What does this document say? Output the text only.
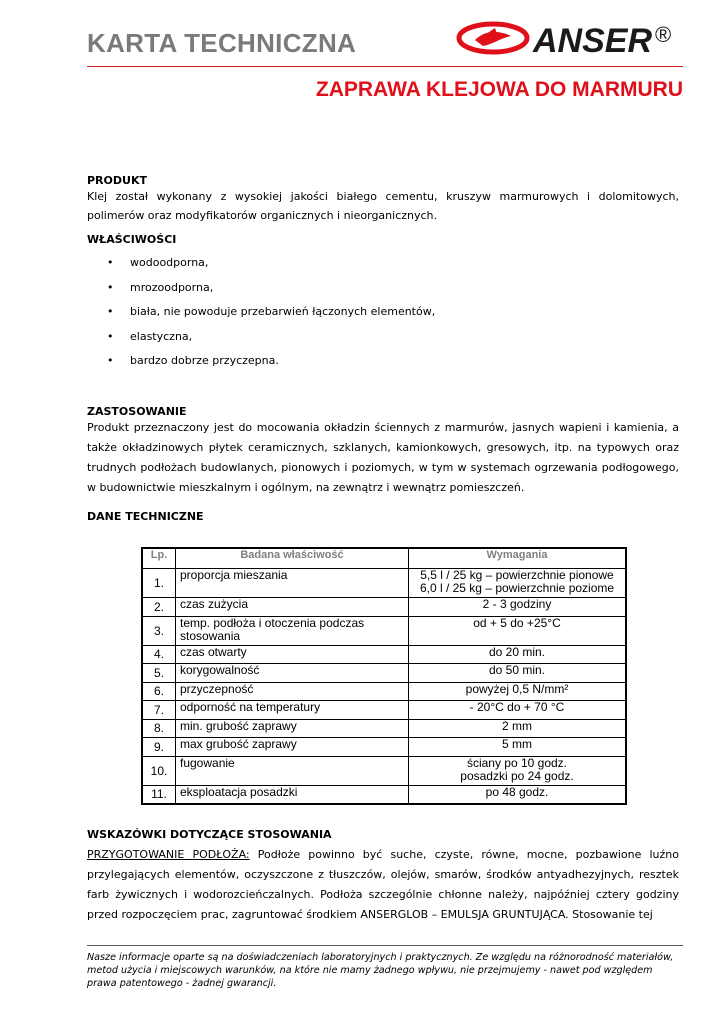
KARTA TECHNICZNA	ANSER ®
ZAPRAWA KLEJOWA DO MARMURU
PRODUKT
Klej został wykonany z wysokiej jakości białego cementu, kruszyw marmurowych i dolomitowych, polimerów oraz modyfikatorów organicznych i nieorganicznych.
WŁAŚCIWOŚCI
• wodoodporna,
• mrozoodporna,
• biała, nie powoduje przebarwień łączonych elementów,
• elastyczna,
• bardzo dobrze przyczepna.
ZASTOSOWANIE
Produkt przeznaczony jest do mocowania okładzin ściennych z marmurów, jasnych wapieni i kamienia, a także okładzinowych płytek ceramicznych, szklanych, kamionkowych, gresowych, itp. na typowych oraz trudnych podłożach budowlanych, pionowych i poziomych, w tym w systemach ogrzewania podłogowego, w budownictwie mieszkalnym i ogólnym, na zewnątrz i wewnątrz pomieszczeń.
DANE TECHNICZNE
Lp.	Badana właściwość	Wymagania
1.	proporcja mieszania	5,5 l / 25 kg – powierzchnie pionowe
6,0 l / 25 kg – powierzchnie poziome

2.	czas zużycia	2 - 3 godziny

3.	temp. podłoża i otoczenia podczas stosowania	od + 5 do +25°C

4.	czas otwarty	do 20 min.

5.	korygowalność	do 50 min.

6.	przyczepność	powyżej 0,5 N/mm²

7.	odporność na temperatury	- 20°C do + 70 °C

8.	min. grubość zaprawy	2 mm

9.	max grubość zaprawy	5 mm

10.	fugowanie	ściany po 10 godz.
posadzki po 24 godz.

11.	eksploatacja posadzki	po 48 godz.
WSKAZÓWKI DOTYCZĄCE STOSOWANIA
PRZYGOTOWANIE PODŁOŻA: Podłoże powinno być suche, czyste, równe, mocne, pozbawione luźno przylegających elementów, oczyszczone z tłuszczów, olejów, smarów, środków antyadhezyjnych, resztek farb żywicznych i wodorozcieńczalnych. Podłoża szczególnie chłonne należy, najpóźniej cztery godziny przed rozpoczęciem prac, zagruntować środkiem ANSERGLOB – EMULSJA GRUNTUJĄCA. Stosowanie tej
Nasze informacje oparte są na doświadczeniach laboratoryjnych i praktycznych. Ze względu na różnorodność materiałów, metod użycia i miejscowych warunków, na które nie mamy żadnego wpływu, nie przejmujemy - nawet pod względem prawa patentowego - żadnej gwarancji.
